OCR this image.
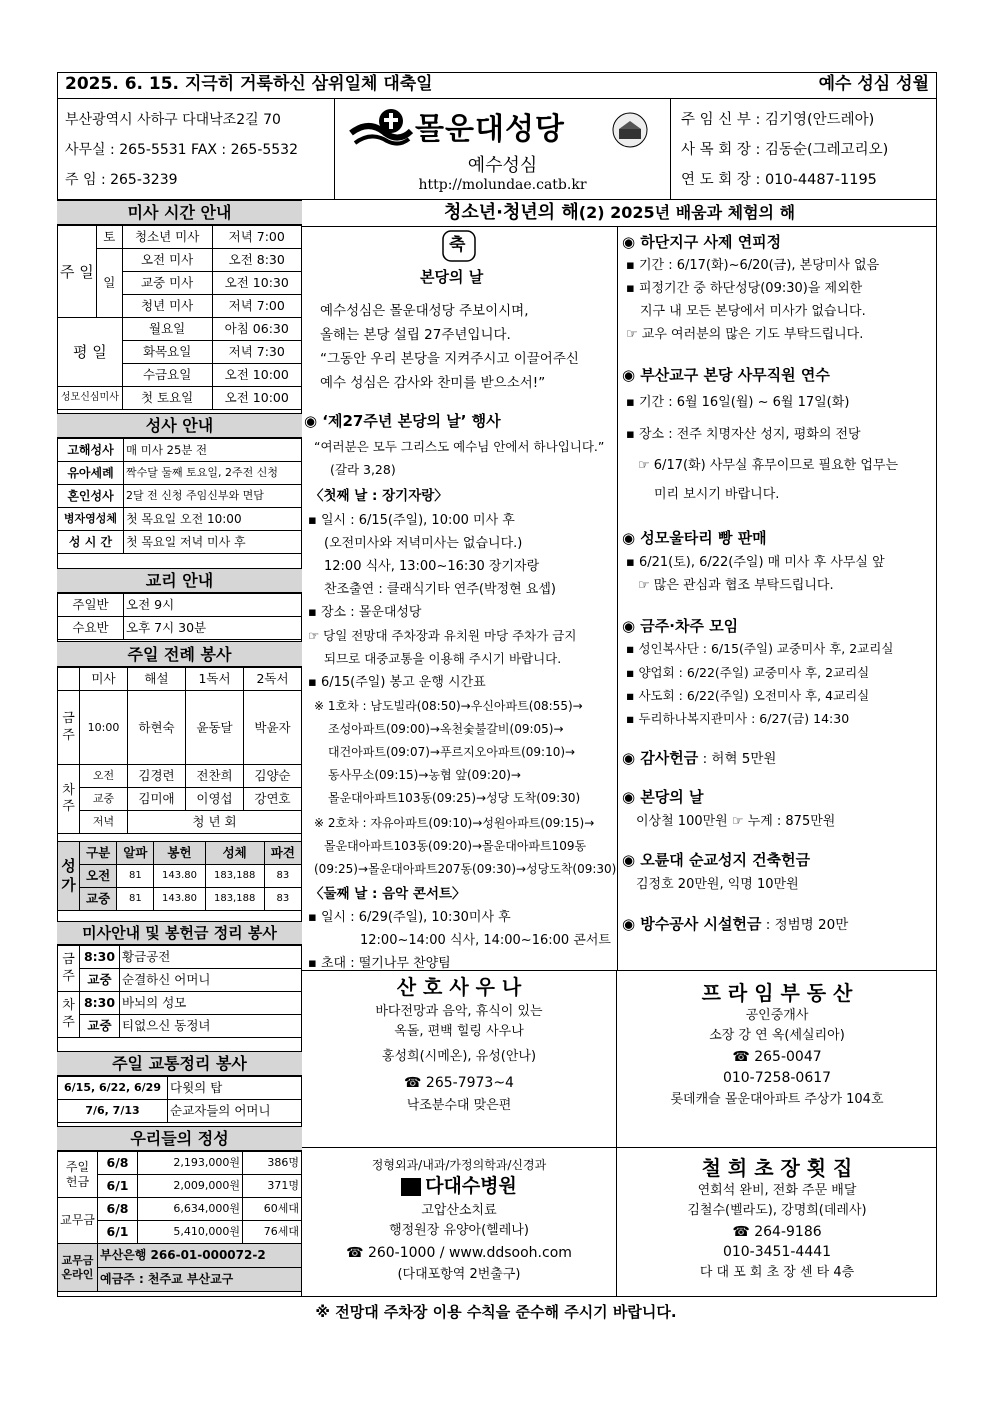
2025. 6. 15. 지극히 거룩하신 삼위일체 대축일	예수 성심 성월
부산광역시 사하구 다대낙조2길 70
사무실 : 265-5531 FAX : 265-5532
주 임 : 265-3239
몰운대성당
예수성심
http://molundae.catb.kr
주 임 신 부 : 김기영(안드레아)
사 목 회 장 : 김동순(그레고리오)
연 도 회 장 : 010-4487-1195
미사 시간 안내
주 일	토	청소년 미사	저녁 7:00
	일	오전 미사	오전 8:30
		교중 미사	오전 10:30
		청년 미사	저녁 7:00
평 일		월요일	아침 06:30
		화목요일	저녁 7:30
		수금요일	오전 10:00
성모신심미사		첫 토요일	오전 10:00
성사 안내
고해성사	매 미사 25분 전
유아세례	짝수달 둘째 토요일, 2주전 신청
혼인성사	2달 전 신청 주임신부와 면담
병자영성체	첫 목요일 오전 10:00
성 시 간	첫 목요일 저녁 미사 후
교리 안내
주일반	오전 9시
수요반	오후 7시 30분
주일 전례 봉사
	미사	해설	1독서	2독서
금주	10:00	하현숙	윤동달	박윤자
차주	오전	김경련	전찬희	김양순
	교중	김미애	이영섭	강연호
	저녁	청 년 회		
성가	구분	알파	봉헌	성체	파견
	오전	81	143.80	183,188	83
	교중	81	143.80	183,188	83
미사안내 및 봉헌금 정리 봉사
금주	8:30	황금공전
	교중	순결하신 어머니
차주	8:30	바뇌의 성모
	교중	티없으신 동정녀
주일 교통정리 봉사
6/15, 6/22, 6/29	다윗의 탑
7/6, 7/13	순교자들의 어머니
우리들의 정성
주일 헌금	6/8	2,193,000원	386명
	6/1	2,009,000원	371명
교무금	6/8	6,634,000원	60세대
	6/1	5,410,000원	76세대
교무금 온라인	부산은행 266-01-000072-2		
	예금주 : 천주교 부산교구		
청소년·청년의 해(2) 2025년 배움과 체험의 해
축
본당의 날
예수성심은 몰운대성당 주보이시며,
올해는 본당 설립 27주년입니다.
“그동안 우리 본당을 지켜주시고 이끌어주신
예수 성심은 감사와 찬미를 받으소서!”
◉ ‘제27주년 본당의 날’ 행사
“여러분은 모두 그리스도 예수님 안에서 하나입니다.”
(갈라 3,28)
〈첫째 날 : 장기자랑〉
▪ 일시 : 6/15(주일), 10:00 미사 후
(오전미사와 저녁미사는 없습니다.)
12:00 식사, 13:00~16:30 장기자랑
찬조출연 : 클래식기타 연주(박정현 요셉)
▪ 장소 : 몰운대성당
☞ 당일 전망대 주차장과 유치원 마당 주차가 금지
되므로 대중교통을 이용해 주시기 바랍니다.
▪ 6/15(주일) 봉고 운행 시간표
※ 1호차 : 남도빌라(08:50)→우신아파트(08:55)→
조성아파트(09:00)→옥천숯불갈비(09:05)→
대건아파트(09:07)→푸르지오아파트(09:10)→
동사무소(09:15)→농협 앞(09:20)→
몰운대아파트103동(09:25)→성당 도착(09:30)
※ 2호차 : 자유아파트(09:10)→성원아파트(09:15)→
몰운대아파트103동(09:20)→몰운대아파트109동
(09:25)→몰운대아파트207동(09:30)→성당도착(09:30)
〈둘째 날 : 음악 콘서트〉
▪ 일시 : 6/29(주일), 10:30미사 후
12:00~14:00 식사, 14:00~16:00 콘서트
▪ 초대 : 떨기나무 찬양팀
◉ 하단지구 사제 연피정
▪ 기간 : 6/17(화)~6/20(금), 본당미사 없음
▪ 피정기간 중 하단성당(09:30)을 제외한
지구 내 모든 본당에서 미사가 없습니다.
☞ 교우 여러분의 많은 기도 부탁드립니다.
◉ 부산교구 본당 사무직원 연수
▪ 기간 : 6월 16일(월) ~ 6월 17일(화)
▪ 장소 : 전주 치명자산 성지, 평화의 전당
☞ 6/17(화) 사무실 휴무이므로 필요한 업무는
미리 보시기 바랍니다.
◉ 성모울타리 빵 판매
▪ 6/21(토), 6/22(주일) 매 미사 후 사무실 앞
☞ 많은 관심과 협조 부탁드립니다.
◉ 금주·차주 모임
▪ 성인복사단 : 6/15(주일) 교중미사 후, 2교리실
▪ 양업회 : 6/22(주일) 교중미사 후, 2교리실
▪ 사도회 : 6/22(주일) 오전미사 후, 4교리실
▪ 두리하나복지관미사 : 6/27(금) 14:30
◉ 감사헌금 : 허혁 5만원
◉ 본당의 날
이상철 100만원 ☞ 누계 : 875만원
◉ 오륜대 순교성지 건축헌금
김정호 20만원, 익명 10만원
◉ 방수공사 시설헌금 : 정범명 20만
산 호 사 우 나
바다전망과 음악, 휴식이 있는
옥돌, 편백 힐링 사우나
홍성희(시메온), 유성(안나)
☎ 265-7973~4
낙조분수대 맞은편
프 라 임 부 동 산
공인중개사
소장 강 연 옥(세실리아)
☎ 265-0047
010-7258-0617
롯데캐슬 몰운대아파트 주상가 104호
정형외과/내과/가정의학과/신경과
다대수병원
고압산소치료
행정원장 유양아(헬레나)
☎ 260-1000 / www.ddsooh.com
(다대포항역 2번출구)
철 희 초 장 횟 집
연회석 완비, 전화 주문 배달
김철수(벨라도), 강명희(데레사)
☎ 264-9186
010-3451-4441
다 대 포 회 초 장 센 타 4층
※ 전망대 주차장 이용 수칙을 준수해 주시기 바랍니다.
